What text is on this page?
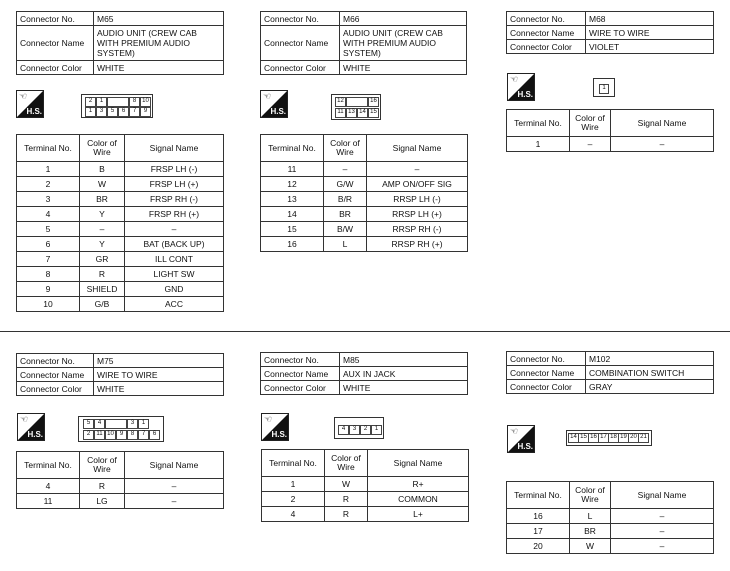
Connector No.	M65
Connector Name	AUDIO UNIT (CREW CAB WITH PREMIUM AUDIO SYSTEM)
Connector Color	WHITE
☜
H.S.
2	1	8 10
1	3	5	6	7	9
Terminal No.	Color of Wire	Signal Name
1	B	FRSP LH (-)
2	W	FRSP LH (+)
3	BR	FRSP RH (-)
4	Y	FRSP RH (+)
5	–	–
6	Y	BAT (BACK UP)
7	GR	ILL CONT
8	R	LIGHT SW
9	SHIELD	GND
10	G/B	ACC
Connector No.	M66
Connector Name	AUDIO UNIT (CREW CAB WITH PREMIUM AUDIO SYSTEM)
Connector Color	WHITE
☜
H.S.
12	16
11 13 14 15
Terminal No.	Color of Wire	Signal Name
11	–	–
12	G/W	AMP ON/OFF SIG
13	B/R	RRSP LH (-)
14	BR	RRSP LH (+)
15	B/W	RRSP RH (-)
16	L	RRSP RH (+)
Connector No.	M68
Connector Name	WIRE TO WIRE
Connector Color	VIOLET
☜
H.S.
1
Terminal No.	Color of Wire	Signal Name
1	–	–
Connector No.	M75
Connector Name	WIRE TO WIRE
Connector Color	WHITE
☜
H.S.
5	4	3	1
2	11 10 9	8	7	6
Terminal No.	Color of Wire	Signal Name
4	R	–
11	LG	–
Connector No.	M85
Connector Name	AUX IN JACK
Connector Color	WHITE
☜
H.S.
4	3	2	1
Terminal No.	Color of Wire	Signal Name
1	W	R+
2	R	COMMON
4	R	L+
Connector No.	M102
Connector Name	COMBINATION SWITCH
Connector Color	GRAY
☜
H.S.
14 15 16 17 18 19 20 21
Terminal No.	Color of Wire	Signal Name
16	L	–
17	BR	–
20	W	–
